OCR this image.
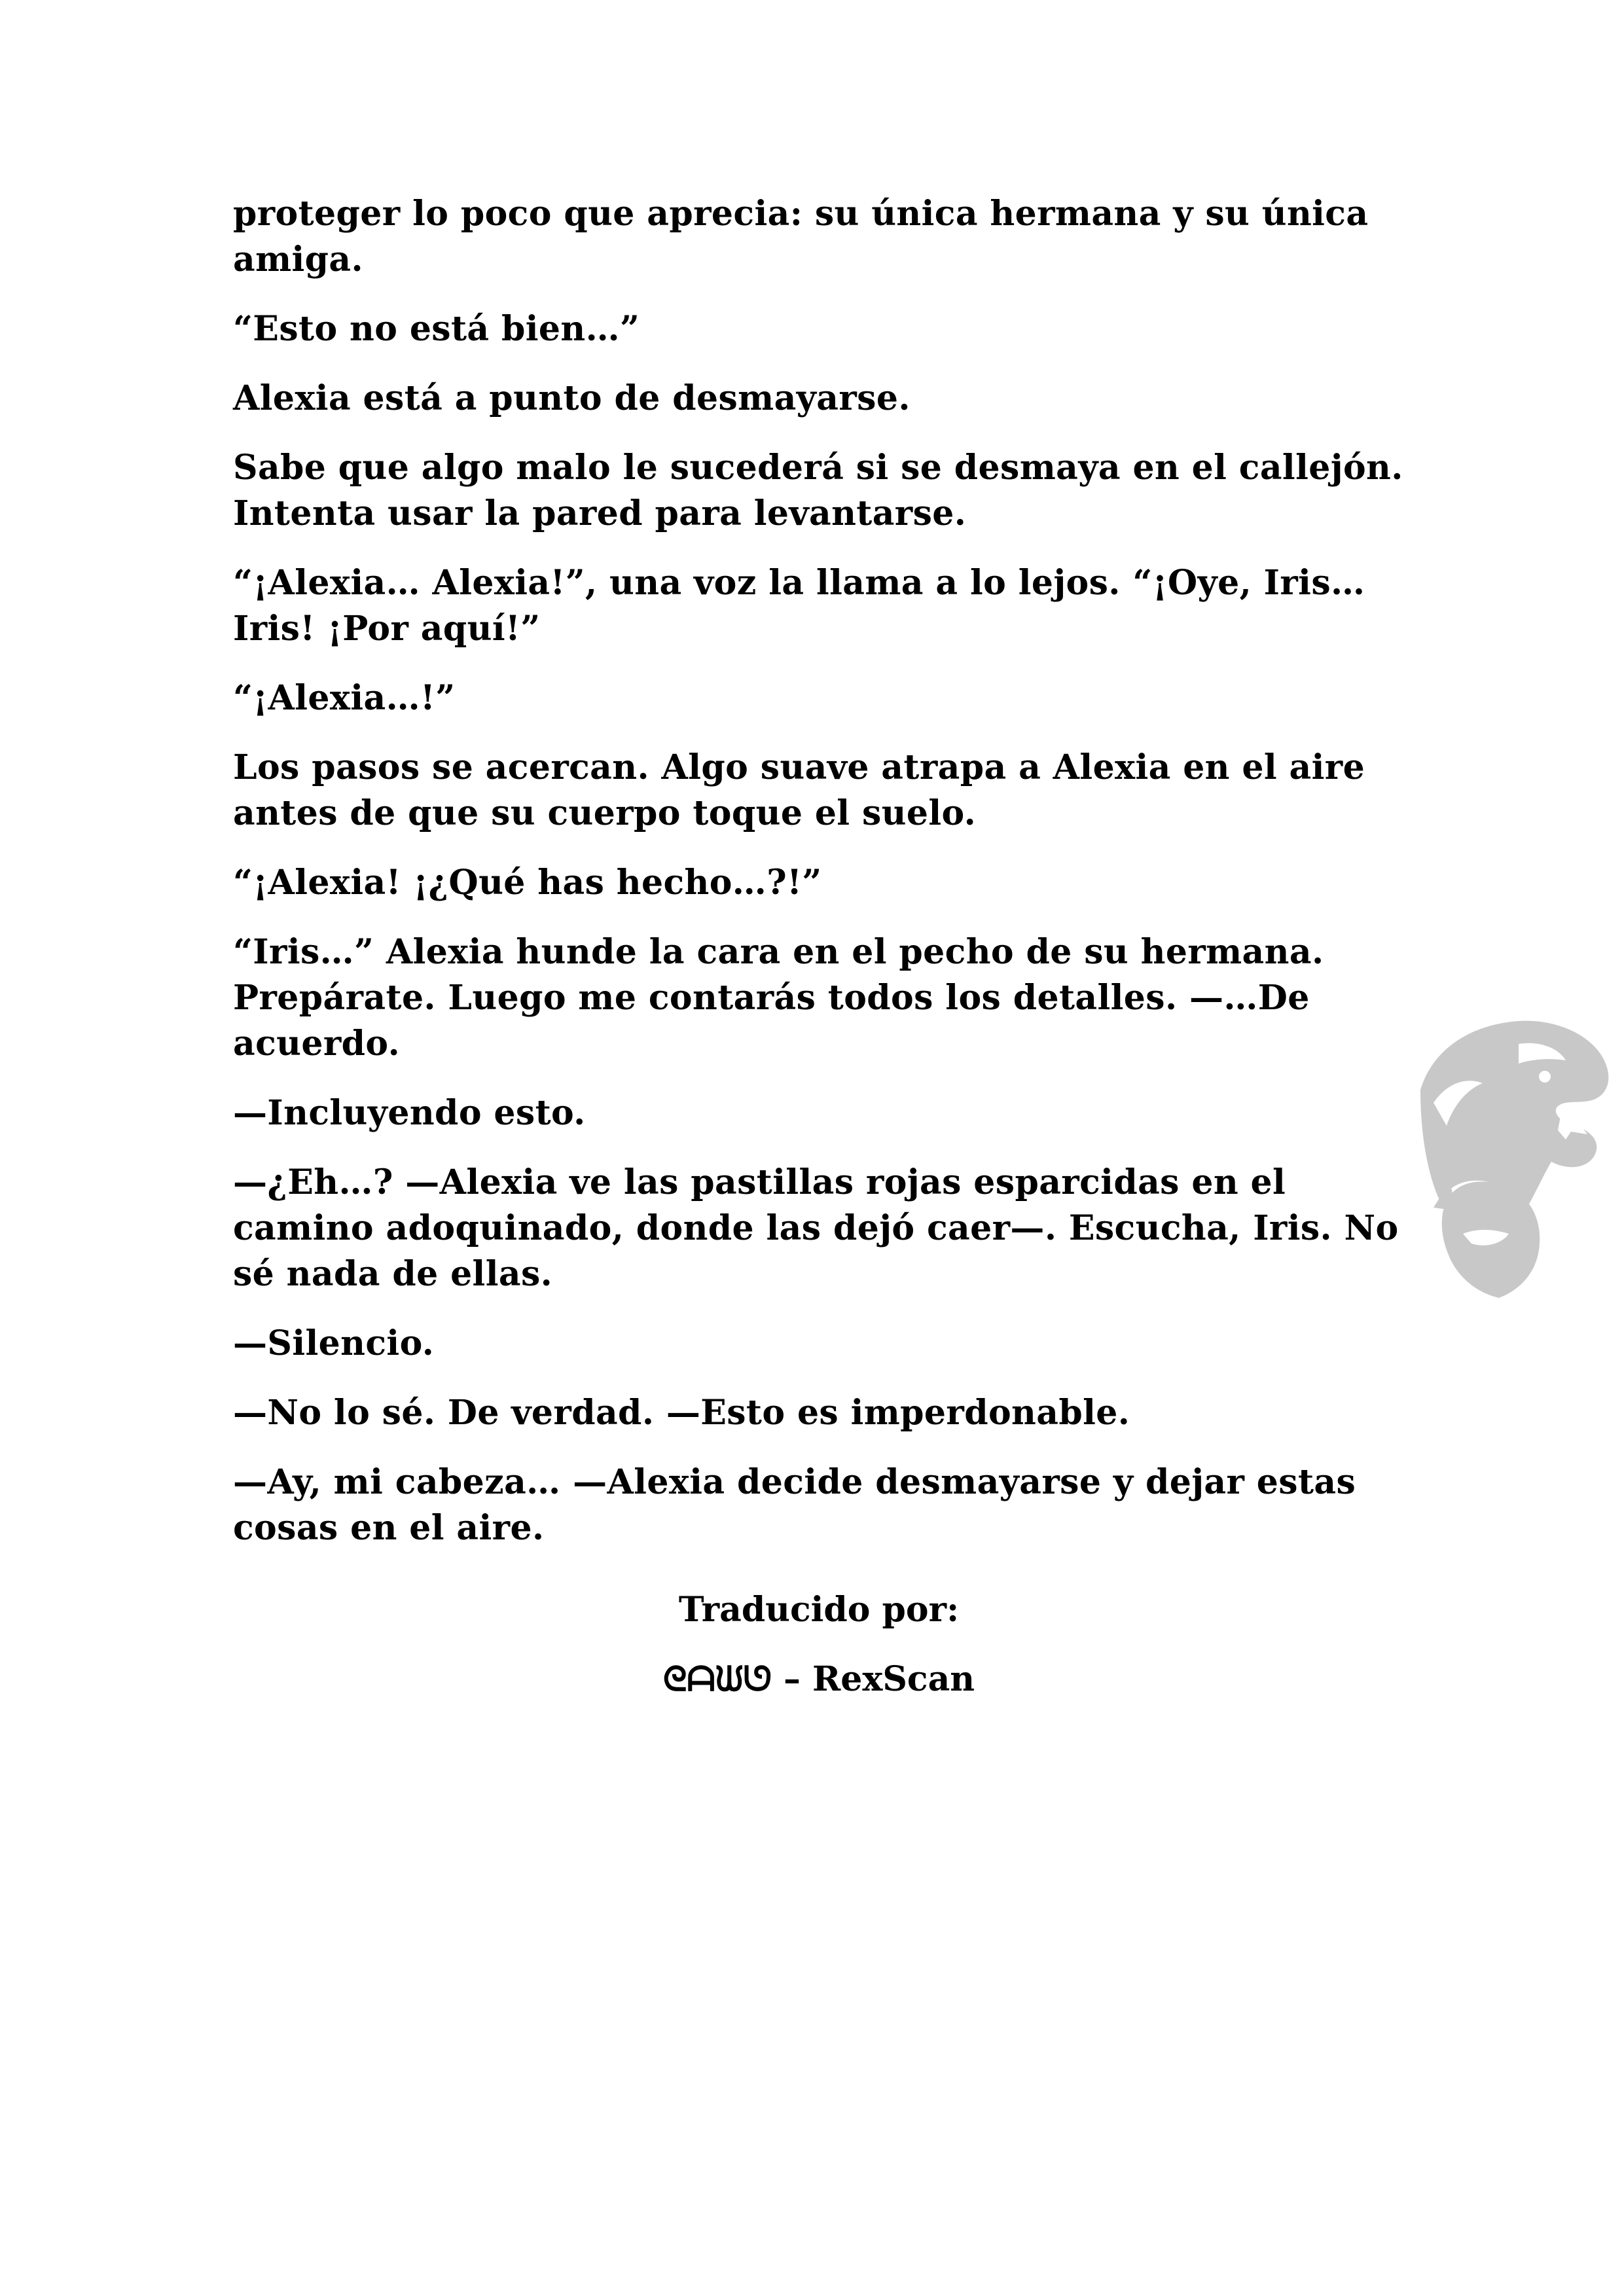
proteger lo poco que aprecia: su única hermana y su única amiga.

“Esto no está bien…”

Alexia está a punto de desmayarse.

Sabe que algo malo le sucederá si se desmaya en el callejón. Intenta usar la pared para levantarse.

“¡Alexia… Alexia!”, una voz la llama a lo lejos. “¡Oye, Iris… Iris! ¡Por aquí!”

“¡Alexia…!”

Los pasos se acercan. Algo suave atrapa a Alexia en el aire antes de que su cuerpo toque el suelo.

“¡Alexia! ¡¿Qué has hecho…?!”

“Iris…” Alexia hunde la cara en el pecho de su hermana. Prepárate. Luego me contarás todos los detalles. —…De acuerdo.

—Incluyendo esto.

—¿Eh…? —Alexia ve las pastillas rojas esparcidas en el camino adoquinado, donde las dejó caer—. Escucha, Iris. No sé nada de ellas.

—Silencio.

—No lo sé. De verdad. —Esto es imperdonable.

—Ay, mi cabeza… —Alexia decide desmayarse y dejar estas cosas en el aire.

Traducido por:
ᘓᗩᙎᘎ – RexScan
